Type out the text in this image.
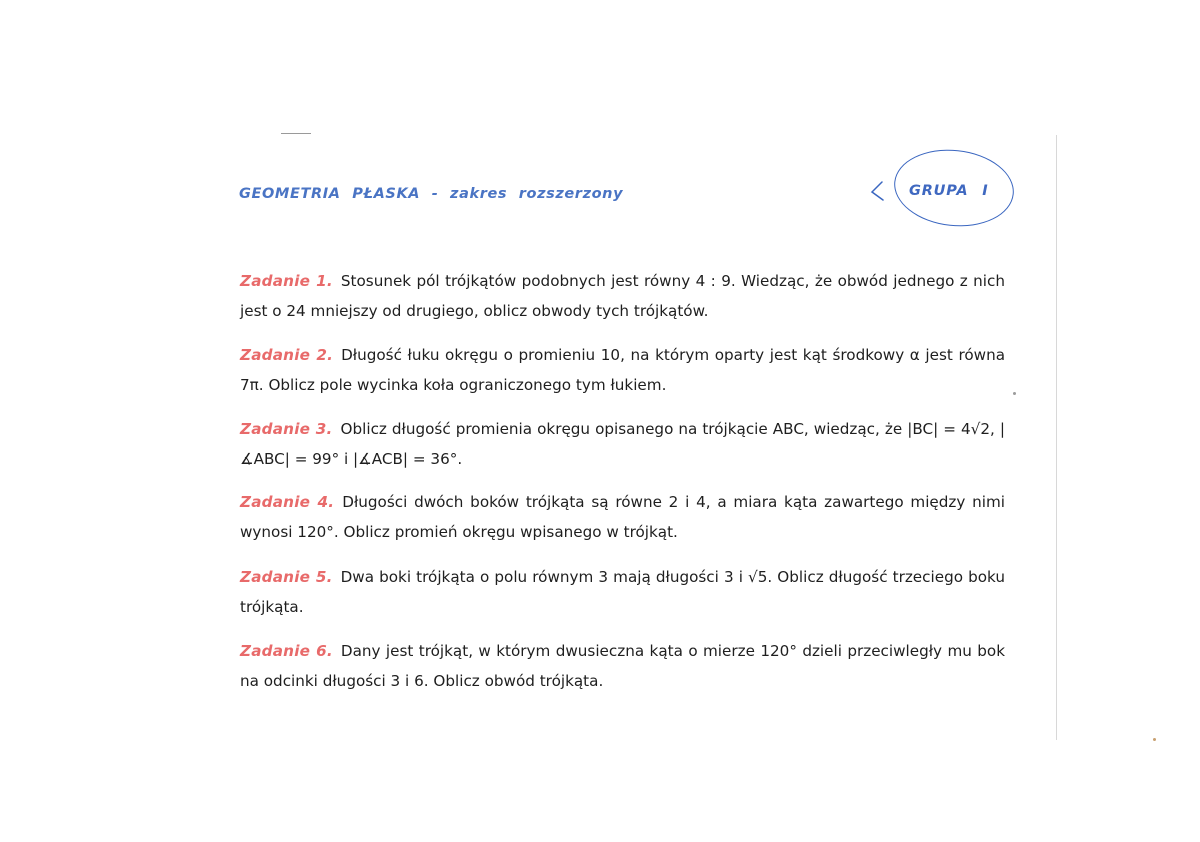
GEOMETRIA PŁASKA - zakres rozszerzony	GRUPA I
Zadanie 1. Stosunek pól trójkątów podobnych jest równy 4 : 9. Wiedząc, że obwód jednego z nich jest o 24 mniejszy od drugiego, oblicz obwody tych trójkątów.
Zadanie 2. Długość łuku okręgu o promieniu 10, na którym oparty jest kąt środkowy α jest równa 7π. Oblicz pole wycinka koła ograniczonego tym łukiem.
Zadanie 3. Oblicz długość promienia okręgu opisanego na trójkącie ABC, wiedząc, że |BC| = 4√2, |∡ABC| = 99° i |∡ACB| = 36°.
Zadanie 4. Długości dwóch boków trójkąta są równe 2 i 4, a miara kąta zawartego między nimi wynosi 120°. Oblicz promień okręgu wpisanego w trójkąt.
Zadanie 5. Dwa boki trójkąta o polu równym 3 mają długości 3 i √5. Oblicz długość trzeciego boku trójkąta.
Zadanie 6. Dany jest trójkąt, w którym dwusieczna kąta o mierze 120° dzieli przeciwległy mu bok na odcinki długości 3 i 6. Oblicz obwód trójkąta.
